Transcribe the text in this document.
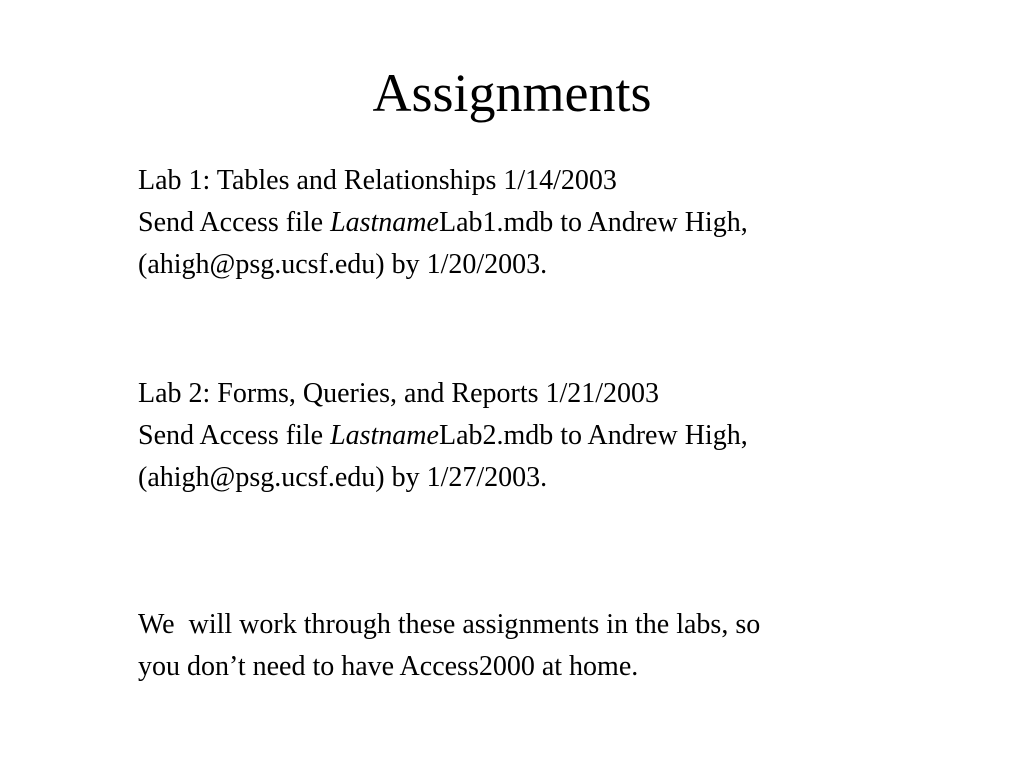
Assignments
Lab 1: Tables and Relationships 1/14/2003
Send Access file LastnameLab1.mdb to Andrew High,
(ahigh@psg.ucsf.edu) by 1/20/2003.
Lab 2: Forms, Queries, and Reports 1/21/2003
Send Access file LastnameLab2.mdb to Andrew High,
(ahigh@psg.ucsf.edu) by 1/27/2003.
We  will work through these assignments in the labs, so
you don’t need to have Access2000 at home.
